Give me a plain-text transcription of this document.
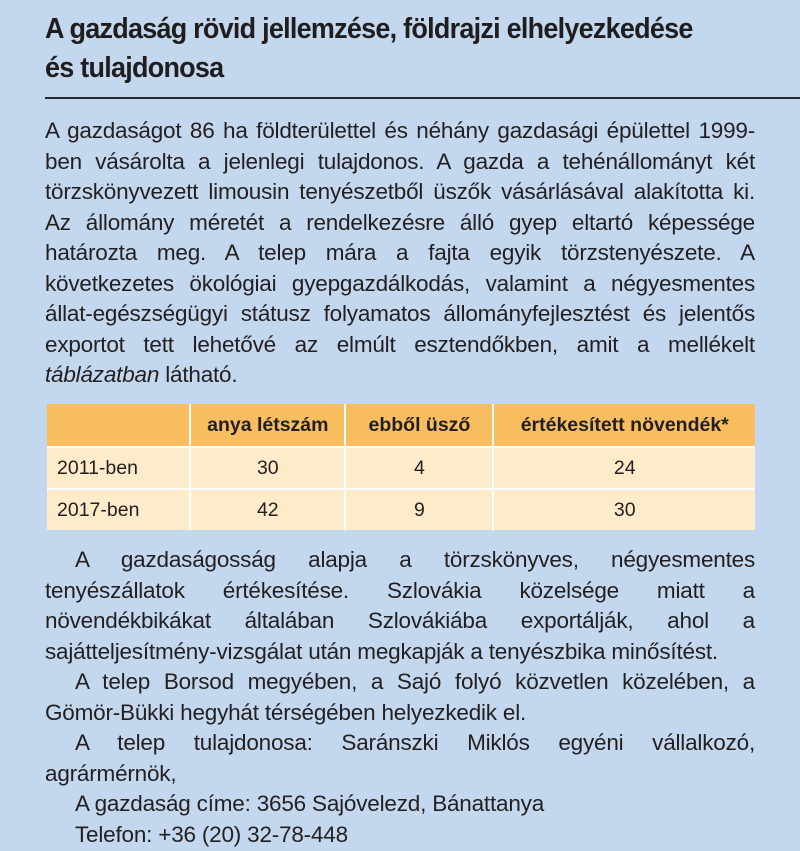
A gazdaság rövid jellemzése, földrajzi elhelyezkedése
és tulajdonosa

A gazdaságot 86 ha földterülettel és néhány gazdasági épülettel 1999-ben vásárolta a jelenlegi tulajdonos. A gazda a tehénállományt két törzskönyvezett limousin tenyészetből üszők vásárlásával alakította ki. Az állomány méretét a rendelkezésre álló gyep eltartó képessége határozta meg. A telep mára a fajta egyik törzstenyészete. A következetes ökológiai gyepgazdálkodás, valamint a négyesmentes állat-egészségügyi státusz folyamatos állományfejlesztést és jelentős exportot tett lehetővé az elmúlt esztendőkben, amit a mellékelt táblázatban látható.

	anya létszám	ebből üsző	értékesített növendék*
2011-ben	30	4	24
2017-ben	42	9	30

A gazdaságosság alapja a törzskönyves, négyesmentes tenyészállatok értékesítése. Szlovákia közelsége miatt a növendékbikákat általában Szlovákiába exportálják, ahol a sajátteljesítmény-vizsgálat után megkapják a tenyészbika minősítést.

A telep Borsod megyében, a Sajó folyó közvetlen közelében, a Gömör-Bükki hegyhát térségében helyezkedik el.

A telep tulajdonosa: Saránszki Miklós egyéni vállalkozó, agrármérnök,

A gazdaság címe: 3656 Sajóvelezd, Bánattanya

Telefon: +36 (20) 32-78-448
